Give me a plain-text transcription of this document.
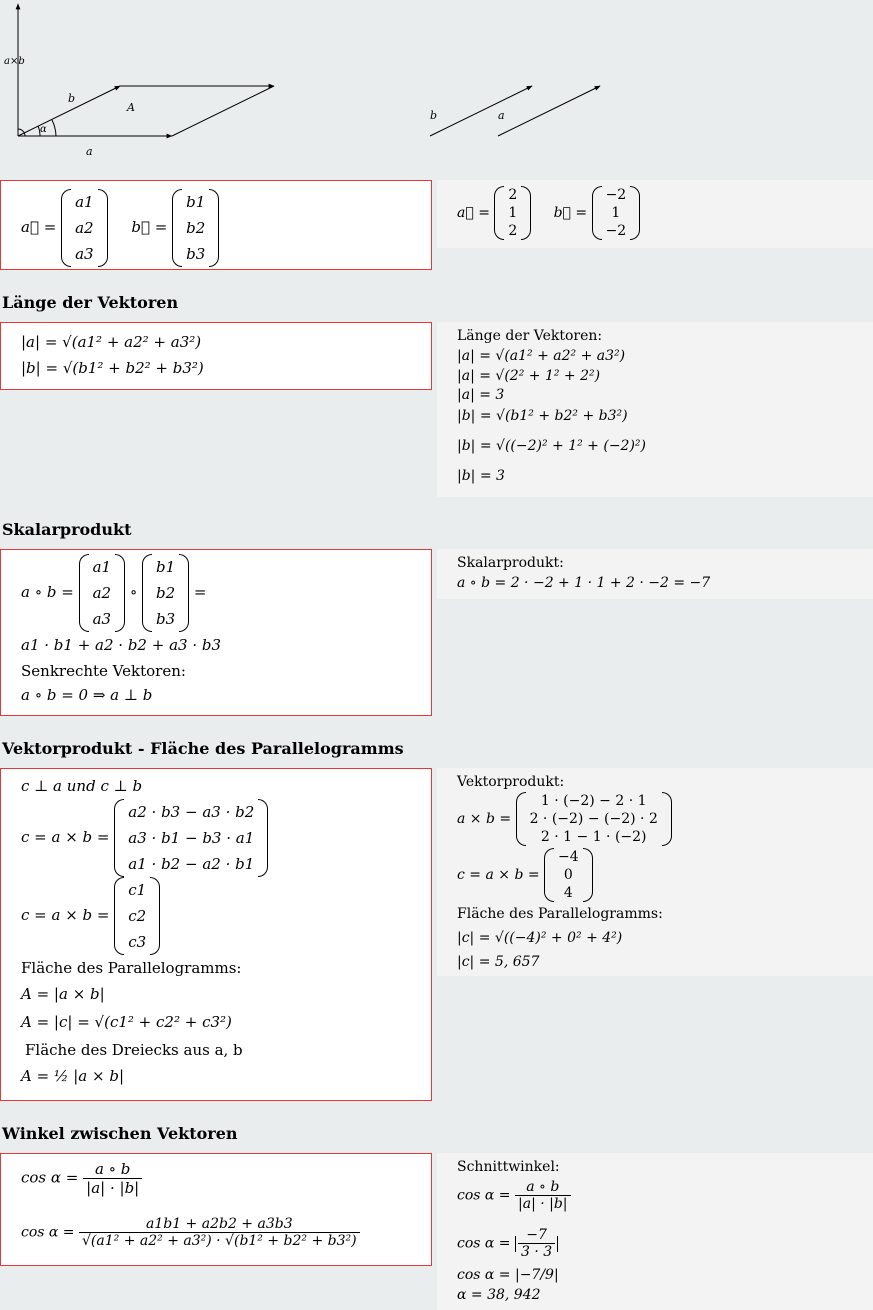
a×b
b
A
α
a
b	a
a⃗ =
a1
a2
a3
b⃗ =
b1
b2
b3
a⃗ =
2
1
2
b⃗ =
−2
1
−2
Länge der Vektoren
|a| = √(a1² + a2² + a3²)
|b| = √(b1² + b2² + b3²)
Länge der Vektoren:
|a| = √(a1² + a2² + a3²)
|a| = √(2² + 1² + 2²)
|a| = 3
|b| = √(b1² + b2² + b3²)
|b| = √((−2)² + 1² + (−2)²)
|b| = 3
Skalarprodukt
a ∘ b =
a1
a2
a3
∘
b1
b2
b3
=
a1 · b1 + a2 · b2 + a3 · b3
Senkrechte Vektoren:
a ∘ b = 0 ⇒ a ⊥ b
Skalarprodukt:
a ∘ b = 2 · −2 + 1 · 1 + 2 · −2 = −7
Vektorprodukt - Fläche des Parallelogramms
c ⊥ a und c ⊥ b
c = a × b =
a2 · b3 − a3 · b2
a3 · b1 − b3 · a1
a1 · b2 − a2 · b1
c = a × b =
c1
c2
c3
Fläche des Parallelogramms:
A = |a × b|
A = |c| = √(c1² + c2² + c3²)
Fläche des Dreiecks aus a, b
A = ½ |a × b|
Vektorprodukt:
a × b =
1 · (−2) − 2 · 1
2 · (−2) − (−2) · 2
2 · 1 − 1 · (−2)
c = a × b =
−4
0
4
Fläche des Parallelogramms:
|c| = √((−4)² + 0² + 4²)
|c| = 5, 657
Winkel zwischen Vektoren
$\cos \alpha = \frac{a \circ b}{|a| \cdot |b|}$
$\cos \alpha = \frac{a1b1 + a2b2 + a3b3}{\text{√(a1² + a2² + a3²) · √(b1² + b2² + b3²)}}$
Schnittwinkel:
$\cos \alpha = \frac{a \circ b}{|a| \cdot |b|}$
$\cos \alpha = \frac{-7}{3 \cdot 3}$
cos α = |−7/9|
α = 38, 942
